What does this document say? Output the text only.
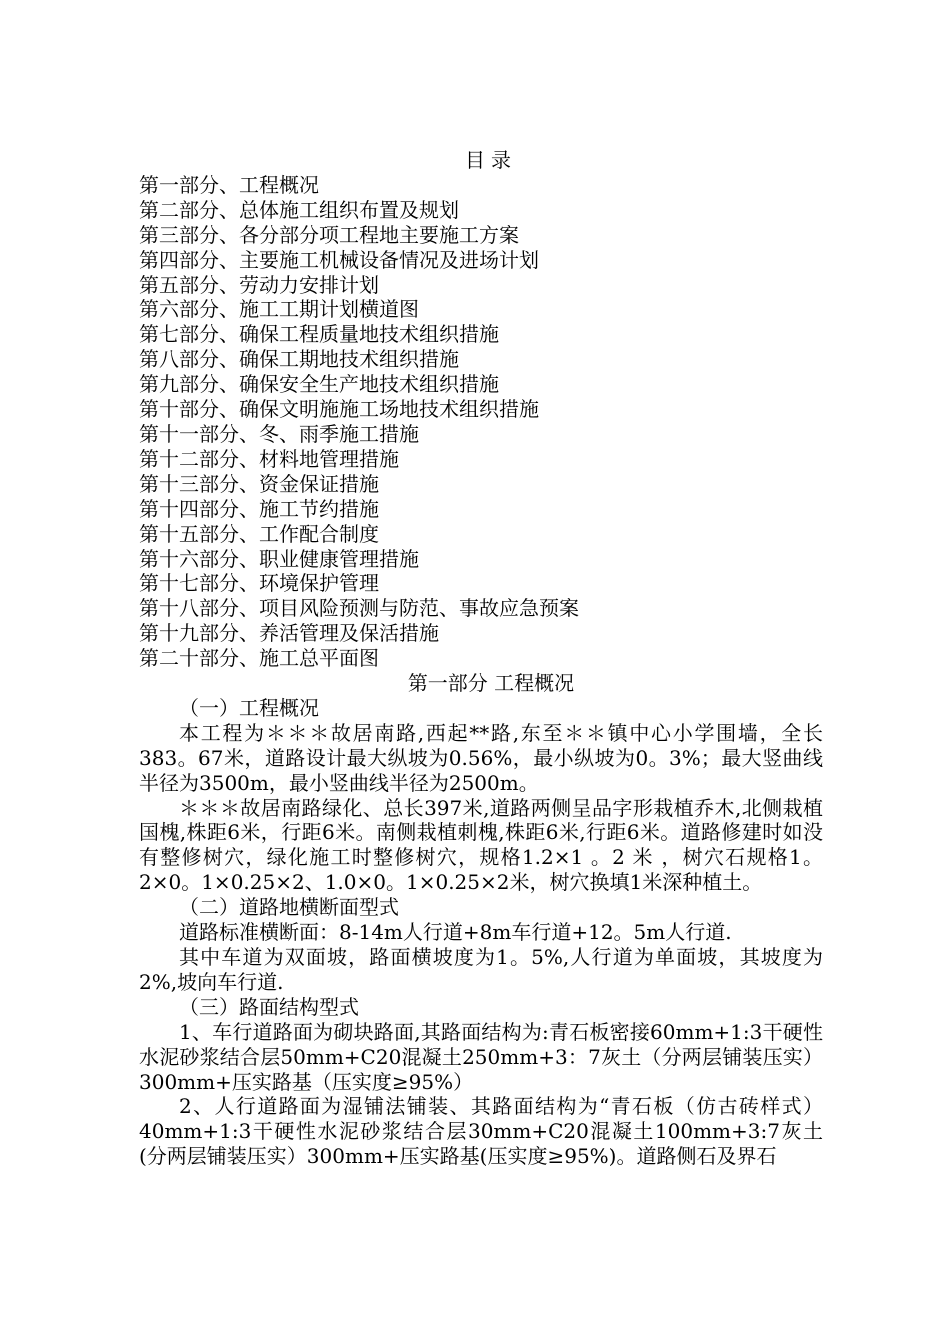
目录
第一部分、工程概况
第二部分、总体施工组织布置及规划
第三部分、各分部分项工程地主要施工方案
第四部分、主要施工机械设备情况及进场计划
第五部分、劳动力安排计划
第六部分、施工工期计划横道图
第七部分、确保工程质量地技术组织措施
第八部分、确保工期地技术组织措施
第九部分、确保安全生产地技术组织措施
第十部分、确保文明施施工场地技术组织措施
第十一部分、冬、雨季施工措施
第十二部分、材料地管理措施
第十三部分、资金保证措施
第十四部分、施工节约措施
第十五部分、工作配合制度
第十六部分、职业健康管理措施
第十七部分、环境保护管理
第十八部分、项目风险预测与防范、事故应急预案
第十九部分、养活管理及保活措施
第二十部分、施工总平面图
第一部分 工程概况
（一）工程概况

本工程为＊＊＊故居南路,西起**路,东至＊＊镇中心小学围墙，全长383。67米，道路设计最大纵坡为0.56%，最小纵坡为0。3%；最大竖曲线半径为3500m，最小竖曲线半径为2500m。

＊＊＊故居南路绿化、总长397米,道路两侧呈品字形栽植乔木,北侧栽植国槐,株距6米，行距6米。南侧栽植刺槐,株距6米,行距6米。道路修建时如没有整修树穴，绿化施工时整修树穴，规格1.2×1 。2 米 ，树穴石规格1。2×0。1×0.25×2、1.0×0。1×0.25×2米，树穴换填1米深种植土。

（二）道路地横断面型式

道路标准横断面：8-14m人行道+8m车行道+12。5m人行道.

其中车道为双面坡，路面横坡度为1。5%,人行道为单面坡，其坡度为2%,坡向车行道.

（三）路面结构型式

1、车行道路面为砌块路面,其路面结构为:青石板密接60mm+1:3干硬性水泥砂浆结合层50mm+C20混凝土250mm+3：7灰土（分两层铺装压实）300mm+压实路基（压实度≥95%）

2、人行道路面为湿铺法铺装、其路面结构为“青石板（仿古砖样式）40mm+1:3干硬性水泥砂浆结合层30mm+C20混凝土100mm+3:7灰土(分两层铺装压实）300mm+压实路基(压实度≥95%)。道路侧石及界石
